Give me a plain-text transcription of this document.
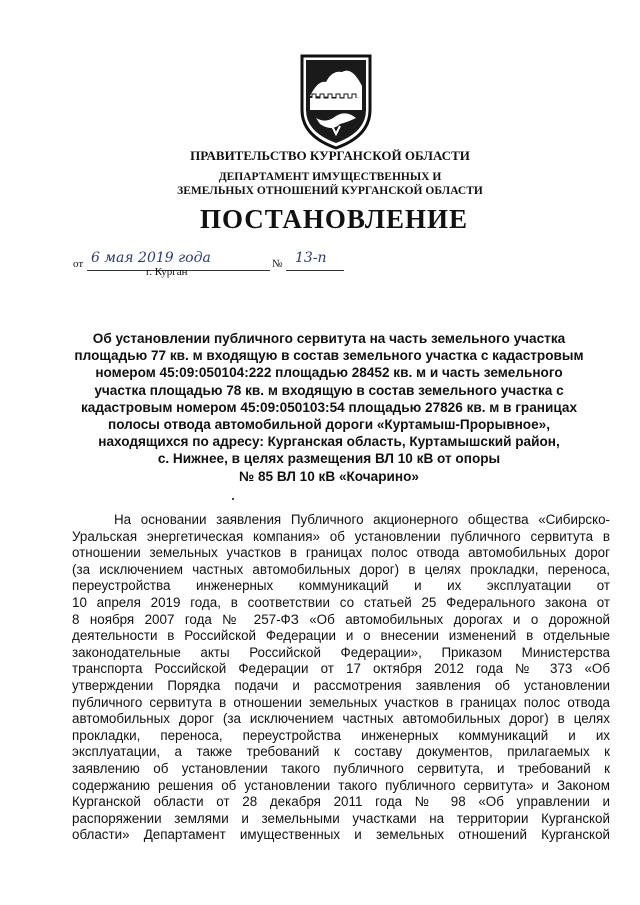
ПРАВИТЕЛЬСТВО КУРГАНСКОЙ ОБЛАСТИ
ДЕПАРТАМЕНТ ИМУЩЕСТВЕННЫХ И
ЗЕМЕЛЬНЫХ ОТНОШЕНИЙ КУРГАНСКОЙ ОБЛАСТИ
ПОСТАНОВЛЕНИЕ
от 6 мая 2019 года	№ 13-п
г. Курган
Об установлении публичного сервитута на часть земельного участка
площадью 77 кв. м входящую в состав земельного участка с кадастровым
номером 45:09:050104:222 площадью 28452 кв. м и часть земельного
участка площадью 78 кв. м входящую в состав земельного участка с
кадастровым номером 45:09:050103:54 площадью 27826 кв. м в границах
полосы отвода автомобильной дороги «Куртамыш-Прорывное»,
находящихся по адресу: Курганская область, Куртамышский район,
с. Нижнее, в целях размещения ВЛ 10 кВ от опоры
№ 85 ВЛ 10 кВ «Кочарино»
На основании заявления Публичного акционерного общества «Сибирско-
Уральская энергетическая компания» об установлении публичного сервитута в
отношении земельных участков в границах полос отвода автомобильных дорог
(за исключением частных автомобильных дорог) в целях прокладки, переноса,
переустройства инженерных коммуникаций и их эксплуатации от
10 апреля 2019 года, в соответствии со статьей 25 Федерального закона от
8 ноября 2007 года № 257-ФЗ «Об автомобильных дорогах и о дорожной
деятельности в Российской Федерации и о внесении изменений в отдельные
законодательные акты Российской Федерации», Приказом Министерства
транспорта Российской Федерации от 17 октября 2012 года № 373 «Об
утверждении Порядка подачи и рассмотрения заявления об установлении
публичного сервитута в отношении земельных участков в границах полос отвода
автомобильных дорог (за исключением частных автомобильных дорог) в целях
прокладки, переноса, переустройства инженерных коммуникаций и их
эксплуатации, а также требований к составу документов, прилагаемых к
заявлению об установлении такого публичного сервитута, и требований к
содержанию решения об установлении такого публичного сервитута» и Законом
Курганской области от 28 декабря 2011 года № 98 «Об управлении и
распоряжении землями и земельными участками на территории Курганской
области» Департамент имущественных и земельных отношений Курганской
